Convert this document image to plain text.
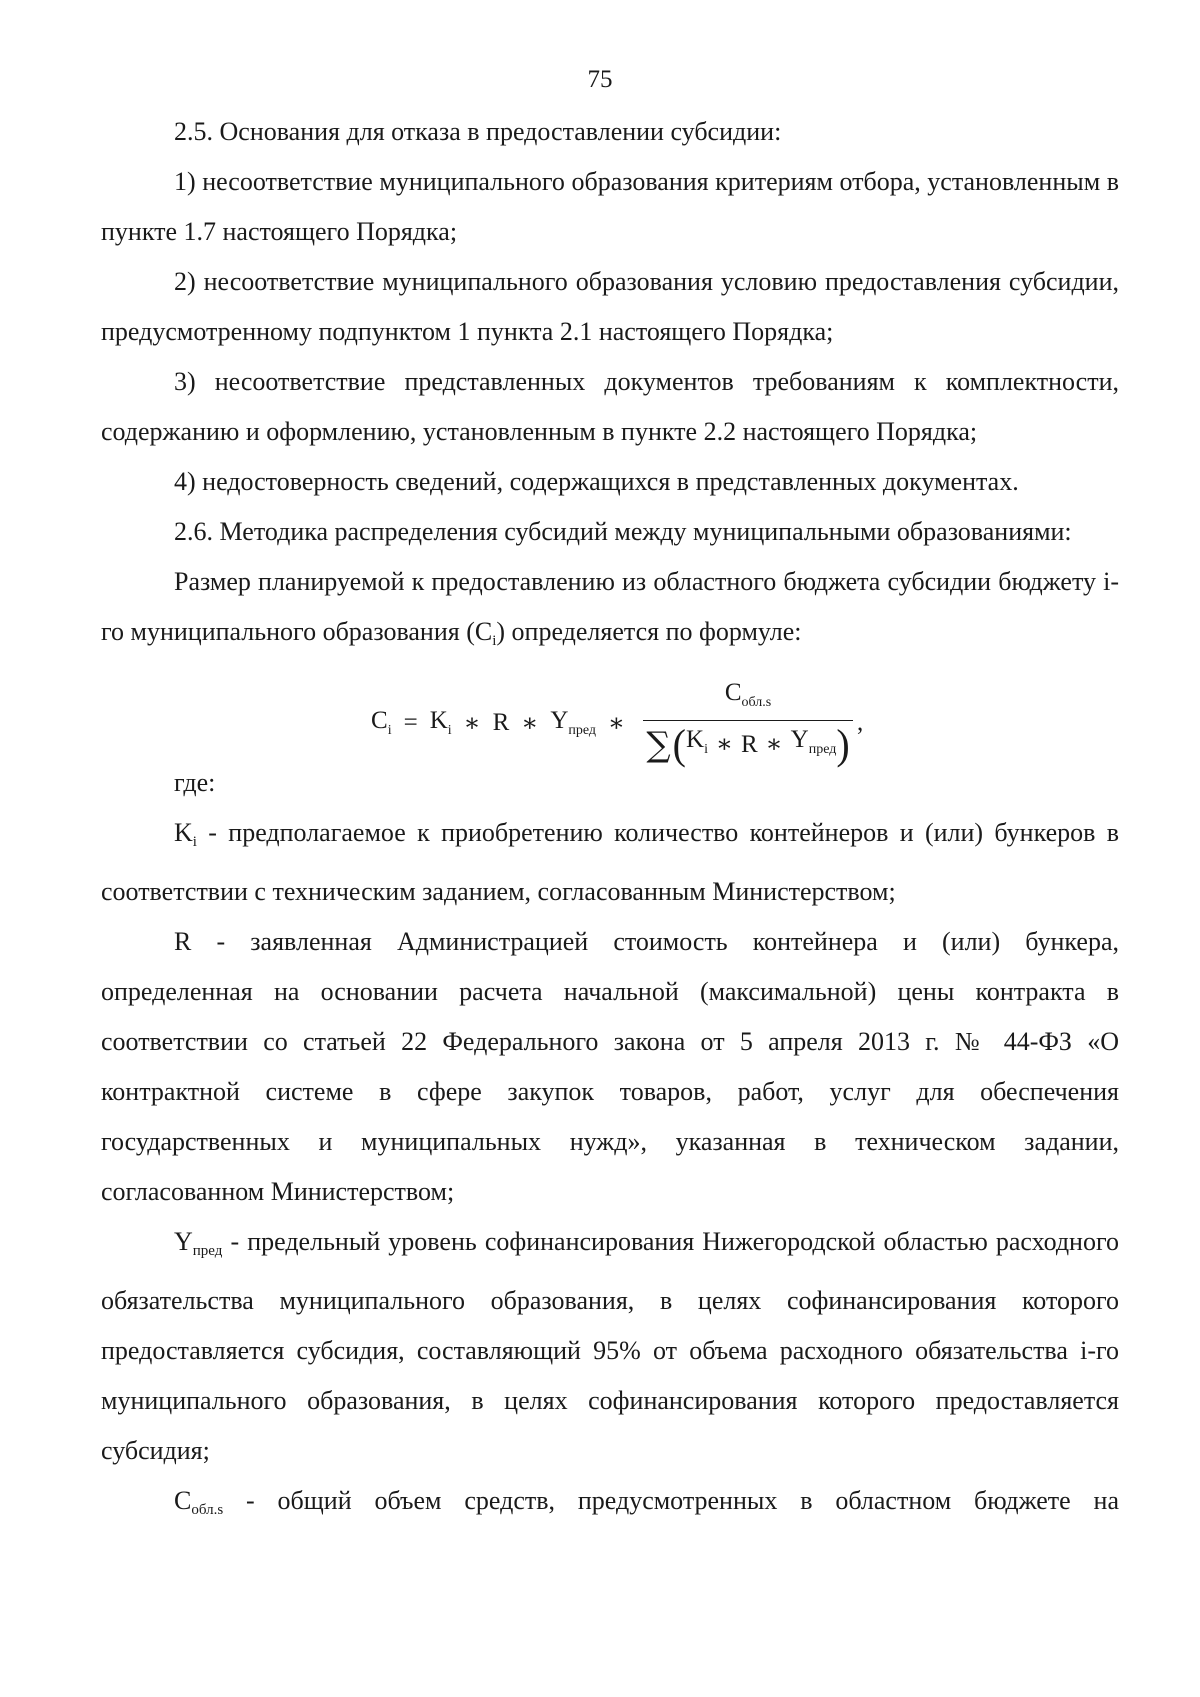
75

2.5. Основания для отказа в предоставлении субсидии:

1) несоответствие муниципального образования критериям отбора, установленным в пункте 1.7 настоящего Порядка;

2) несоответствие муниципального образования условию предоставления субсидии, предусмотренному подпунктом 1 пункта 2.1 настоящего Порядка;

3) несоответствие представленных документов требованиям к комплектности, содержанию и оформлению, установленным в пункте 2.2 настоящего Порядка;

4) недостоверность сведений, содержащихся в представленных документах.

2.6. Методика распределения субсидий между муниципальными образованиями:

Размер планируемой к предоставлению из областного бюджета субсидии бюджету i-го муниципального образования $(C_i)$ определяется по формуле:

$C_i = K_i$ ∗ R ∗ $Y_{пред}$ ∗
$C_{обл.s}$
∑ ( $K_i$ ∗ R ∗ $Y_{пред}$ ) ,

где:

$K_i$ - предполагаемое к приобретению количество контейнеров и (или) бункеров в соответствии с техническим заданием, согласованным Министерством;

R - заявленная Администрацией стоимость контейнера и (или) бункера, определенная на основании расчета начальной (максимальной) цены контракта в соответствии со статьей 22 Федерального закона от 5 апреля 2013 г. № 44-ФЗ «О контрактной системе в сфере закупок товаров, работ, услуг для обеспечения государственных и муниципальных нужд», указанная в техническом задании, согласованном Министерством;

$Y_{пред}$ - предельный уровень софинансирования Нижегородской областью расходного обязательства муниципального образования, в целях софинансирования которого предоставляется субсидия, составляющий 95% от объема расходного обязательства i-го муниципального образования, в целях софинансирования которого предоставляется субсидия;

$C_{обл.s}$ - общий объем средств, предусмотренных в областном бюджете на
